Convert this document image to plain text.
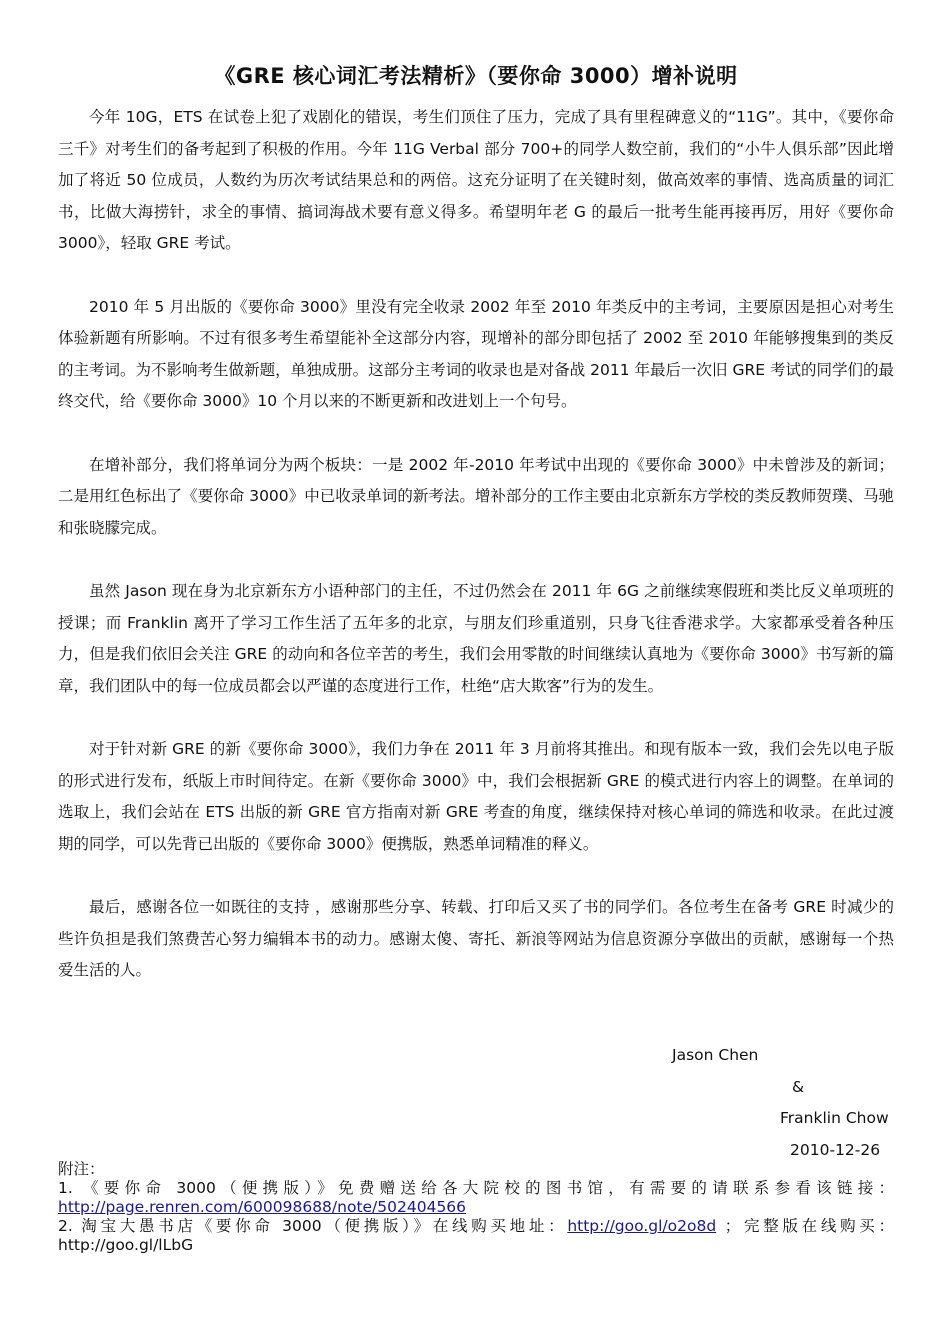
《GRE 核心词汇考法精析》（要你命 3000）增补说明

今年 10G，ETS 在试卷上犯了戏剧化的错误，考生们顶住了压力，完成了具有里程碑意义的“11G”。其中，《要你命三千》对考生们的备考起到了积极的作用。今年 11G Verbal 部分 700+的同学人数空前，我们的“小牛人俱乐部”因此增加了将近 50 位成员，人数约为历次考试结果总和的两倍。这充分证明了在关键时刻，做高效率的事情、选高质量的词汇书，比做大海捞针，求全的事情、搞词海战术要有意义得多。希望明年老 G 的最后一批考生能再接再厉，用好《要你命 3000》，轻取 GRE 考试。

2010 年 5 月出版的《要你命 3000》里没有完全收录 2002 年至 2010 年类反中的主考词，主要原因是担心对考生体验新题有所影响。不过有很多考生希望能补全这部分内容，现增补的部分即包括了 2002 至 2010 年能够搜集到的类反的主考词。为不影响考生做新题，单独成册。这部分主考词的收录也是对备战 2011 年最后一次旧 GRE 考试的同学们的最终交代，给《要你命 3000》10 个月以来的不断更新和改进划上一个句号。

在增补部分，我们将单词分为两个板块：一是 2002 年-2010 年考试中出现的《要你命 3000》中未曾涉及的新词；二是用红色标出了《要你命 3000》中已收录单词的新考法。增补部分的工作主要由北京新东方学校的类反教师贺璞、马驰和张晓朦完成。

虽然 Jason 现在身为北京新东方小语种部门的主任，不过仍然会在 2011 年 6G 之前继续寒假班和类比反义单项班的授课；而 Franklin 离开了学习工作生活了五年多的北京，与朋友们珍重道别，只身飞往香港求学。大家都承受着各种压力，但是我们依旧会关注 GRE 的动向和各位辛苦的考生，我们会用零散的时间继续认真地为《要你命 3000》书写新的篇章，我们团队中的每一位成员都会以严谨的态度进行工作，杜绝“店大欺客”行为的发生。

对于针对新 GRE 的新《要你命 3000》，我们力争在 2011 年 3 月前将其推出。和现有版本一致，我们会先以电子版的形式进行发布，纸版上市时间待定。在新《要你命 3000》中，我们会根据新 GRE 的模式进行内容上的调整。在单词的选取上，我们会站在 ETS 出版的新 GRE 官方指南对新 GRE 考查的角度，继续保持对核心单词的筛选和收录。在此过渡期的同学，可以先背已出版的《要你命 3000》便携版，熟悉单词精准的释义。

最后，感谢各位一如既往的支持 ，感谢那些分享、转载、打印后又买了书的同学们。各位考生在备考 GRE 时减少的些许负担是我们煞费苦心努力编辑本书的动力。感谢太傻、寄托、新浪等网站为信息资源分享做出的贡献，感谢每一个热爱生活的人。

Jason Chen
&
Franklin Chow
2010-12-26
附注：
1. 《要你命 3000（便携版）》免费赠送给各大院校的图书馆，有需要的请联系参看该链接：http://page.renren.com/600098688/note/502404566
2. 淘宝大愚书店《要你命 3000（便携版）》在线购买地址：http://goo.gl/o2o8d ；完整版在线购买：http://goo.gl/lLbG
